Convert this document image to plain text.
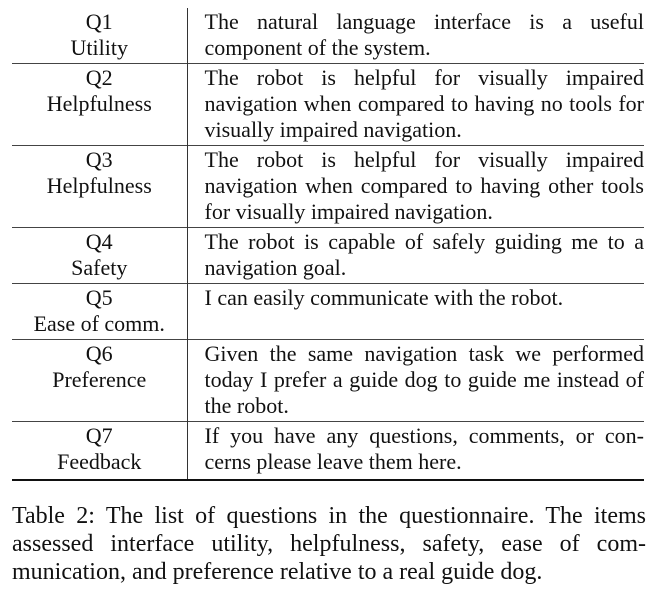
Q1
Utility	The natural language interface is a useful component of the system.

Q2
Helpfulness	The robot is helpful for visually impaired navigation when compared to having no tools for visually impaired navigation.

Q3
Helpfulness	The robot is helpful for visually impaired navigation when compared to having other tools for visually impaired navigation.

Q4
Safety	The robot is capable of safely guiding me to a navigation goal.

Q5
Ease of comm.	I can easily communicate with the robot.

Q6
Preference	Given the same navigation task we performed today I prefer a guide dog to guide me instead of the robot.

Q7
Feedback	If you have any questions, comments, or concerns please leave them here.
Table 2: The list of questions in the questionnaire. The items assessed interface utility, helpfulness, safety, ease of communication, and preference relative to a real guide dog.
